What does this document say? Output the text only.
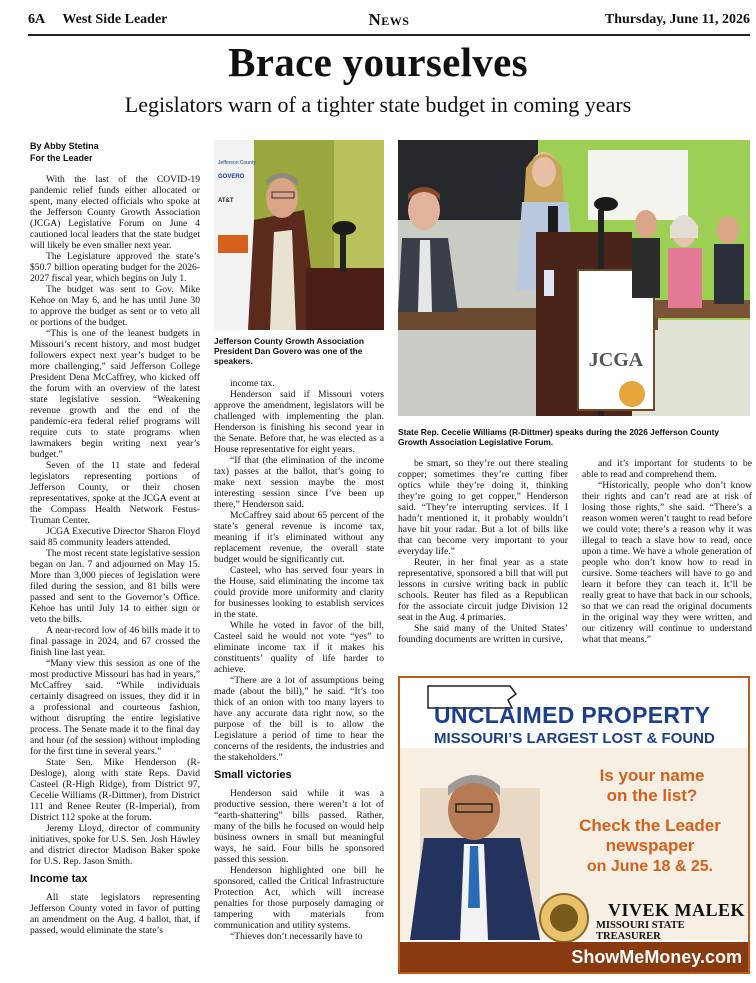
6A West Side Leader	News	Thursday, June 11, 2026
Brace yourselves
Legislators warn of a tighter state budget in coming years
By Abby Stetina
For the Leader

With the last of the COVID-19 pandemic relief funds either allocated or spent, many elected officials who spoke at the Jefferson County Growth Association (JCGA) Legislative Forum on June 4 cautioned local leaders that the state budget will likely be even smaller next year.

The Legislature approved the state’s $50.7 billion operating budget for the 2026-2027 fiscal year, which begins on July 1.

The budget was sent to Gov. Mike Kehoe on May 6, and he has until June 30 to approve the budget as sent or to veto all or portions of the budget.

“This is one of the leanest budgets in Missouri’s recent history, and most budget followers expect next year’s budget to be more challenging,” said Jefferson College President Dena McCaffrey, who kicked off the forum with an overview of the latest state legislative session. “Weakening revenue growth and the end of the pandemic-era federal relief programs will require cuts to state programs when lawmakers begin writing next year’s budget.”

Seven of the 11 state and federal legislators representing portions of Jefferson County, or their chosen representatives, spoke at the JCGA event at the Compass Health Network Festus-Truman Center.

JCGA Executive Director Sharon Floyd said 85 community leaders attended.

The most recent state legislative session began on Jan. 7 and adjourned on May 15. More than 3,000 pieces of legislation were filed during the session, and 81 bills were passed and sent to the Governor’s Office. Kehoe has until July 14 to either sign or veto the bills.

A near-record low of 46 bills made it to final passage in 2024, and 67 crossed the finish line last year.

“Many view this session as one of the most productive Missouri has had in years,” McCaffrey said. “While individuals certainly disagreed on issues, they did it in a professional and courteous fashion, without disrupting the entire legislative process. The Senate made it to the final day and hour (of the session) without imploding for the first time in several years.”

State Sen. Mike Henderson (R-Desloge), along with state Reps. David Casteel (R-High Ridge), from District 97, Cecelie Williams (R-Dittmer), from District 111 and Renee Reuter (R-Imperial), from District 112 spoke at the forum.

Jeremy Lloyd, director of community initiatives, spoke for U.S. Sen. Josh Hawley and district director Madison Baker spoke for U.S. Rep. Jason Smith.

Income tax

All state legislators representing Jefferson County voted in favor of putting an amendment on the Aug. 4 ballot, that, if passed, would eliminate the state’s

income tax.

Henderson said if Missouri voters approve the amendment, legislators will be challenged with implementing the plan. Henderson is finishing his second year in the Senate. Before that, he was elected as a House representative for eight years.

“If that (the elimination of the income tax) passes at the ballot, that’s going to make next session maybe the most interesting session since I’ve been up there,” Henderson said.

McCaffrey said about 65 percent of the state’s general revenue is income tax, meaning if it’s eliminated without any replacement revenue, the overall state budget would be significantly cut.

Casteel, who has served four years in the House, said eliminating the income tax could provide more uniformity and clarity for businesses looking to establish services in the state.

While he voted in favor of the bill, Casteel said he would not vote “yes” to eliminate income tax if it makes his constituents’ quality of life harder to achieve.

“There are a lot of assumptions being made (about the bill),” he said. “It’s too thick of an onion with too many layers to have any accurate data right now, so the purpose of the bill is to allow the Legislature a period of time to hear the concerns of the residents, the industries and the stakeholders.”

Small victories

Henderson said while it was a productive session, there weren’t a lot of “earth-shattering” bills passed. Rather, many of the bills he focused on would help business owners in small but meaningful ways, he said. Four bills he sponsored passed this session.

Henderson highlighted one bill he sponsored, called the Critical Infrastructure Protection Act, which will increase penalties for those purposely damaging or tampering with materials from communication and utility systems.

“Thieves don’t necessarily have to

be smart, so they’re out there stealing copper; sometimes they’re cutting fiber optics while they’re doing it, thinking they’re going to get copper,” Henderson said. “They’re interrupting services. If I hadn’t mentioned it, it probably wouldn’t have hit your radar. But a lot of bills like that can become very important to your everyday life.”

Reuter, in her final year as a state representative, sponsored a bill that will put lessons in cursive writing back in public schools. Reuter has filed as a Republican for the associate circuit judge Division 12 seat in the Aug. 4 primaries.

She said many of the United States’ founding documents are written in cursive,

and it’s important for students to be able to read and comprehend them.

“Historically, people who don’t know their rights and can’t read are at risk of losing those rights,” she said. “There’s a reason women weren’t taught to read before we could vote; there’s a reason why it was illegal to teach a slave how to read, once upon a time. We have a whole generation of people who don’t know how to read in cursive. Some teachers will have to go and learn it before they can teach it. It’ll be really great to have that back in our schools, so that we can read the original documents in the original way they were written, and our citizenry will continue to understand what that means.”

Jefferson County
GOVERO
AT&T
Jefferson County Growth Association President Dan Govero was one of the speakers.	JCGA
State Rep. Cecelie Williams (R-Dittmer) speaks during the 2026 Jefferson County Growth Association Legislative Forum.
UNCLAIMED PROPERTY
MISSOURI’S LARGEST LOST & FOUND
Is your name
on the list?
Check the Leader
newspaper
on June 18 & 25.
VIVEK MALEK
MISSOURI STATE TREASURER
ShowMeMoney.com
